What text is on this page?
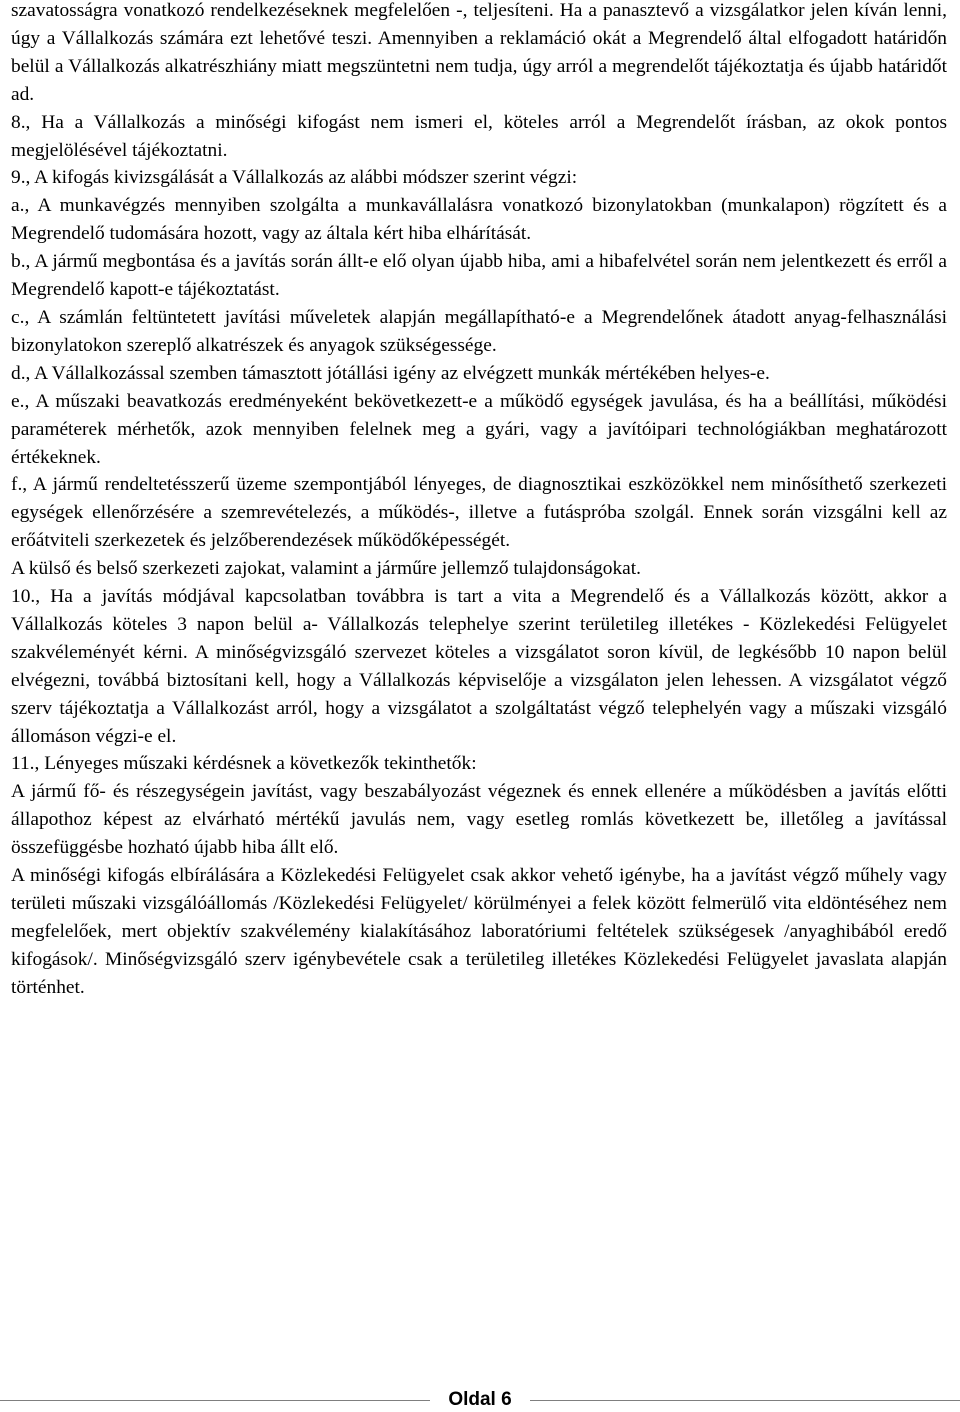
szavatosságra vonatkozó rendelkezéseknek megfelelően -, teljesíteni. Ha a panasztevő a vizsgálatkor jelen kíván lenni, úgy a Vállalkozás számára ezt lehetővé teszi. Amennyiben a reklamáció okát a Megrendelő által elfogadott határidőn belül a Vállalkozás alkatrészhiány miatt megszüntetni nem tudja, úgy arról a megrendelőt tájékoztatja és újabb határidőt ad.

8., Ha a Vállalkozás a minőségi kifogást nem ismeri el, köteles arról a Megrendelőt írásban, az okok pontos megjelölésével tájékoztatni.

9., A kifogás kivizsgálását a Vállalkozás az alábbi módszer szerint végzi:

a., A munkavégzés mennyiben szolgálta a munkavállalásra vonatkozó bizonylatokban (munkalapon) rögzített és a Megrendelő tudomására hozott, vagy az általa kért hiba elhárítását.

b., A jármű megbontása és a javítás során állt-e elő olyan újabb hiba, ami a hibafelvétel során nem jelentkezett és erről a Megrendelő kapott-e tájékoztatást.

c., A számlán feltüntetett javítási műveletek alapján megállapítható-e a Megrendelőnek átadott anyag-felhasználási bizonylatokon szereplő alkatrészek és anyagok szükségessége.

d., A Vállalkozással szemben támasztott jótállási igény az elvégzett munkák mértékében helyes-e.

e., A műszaki beavatkozás eredményeként bekövetkezett-e a működő egységek javulása, és ha a beállítási, működési paraméterek mérhetők, azok mennyiben felelnek meg a gyári, vagy a javítóipari technológiákban meghatározott értékeknek.

f., A jármű rendeltetésszerű üzeme szempontjából lényeges, de diagnosztikai eszközökkel nem minősíthető szerkezeti egységek ellenőrzésére a szemrevételezés, a működés-, illetve a futáspróba szolgál. Ennek során vizsgálni kell az erőátviteli szerkezetek és jelzőberendezések működőképességét.

A külső és belső szerkezeti zajokat, valamint a járműre jellemző tulajdonságokat.

10., Ha a javítás módjával kapcsolatban továbbra is tart a vita a Megrendelő és a Vállalkozás között, akkor a Vállalkozás köteles 3 napon belül a- Vállalkozás telephelye szerint területileg illetékes - Közlekedési Felügyelet szakvéleményét kérni. A minőségvizsgáló szervezet köteles a vizsgálatot soron kívül, de legkésőbb 10 napon belül elvégezni, továbbá biztosítani kell, hogy a Vállalkozás képviselője a vizsgálaton jelen lehessen. A vizsgálatot végző szerv tájékoztatja a Vállalkozást arról, hogy a vizsgálatot a szolgáltatást végző telephelyén vagy a műszaki vizsgáló állomáson végzi-e el.

11., Lényeges műszaki kérdésnek a következők tekinthetők:

A jármű fő- és részegységein javítást, vagy beszabályozást végeznek és ennek ellenére a működésben a javítás előtti állapothoz képest az elvárható mértékű javulás nem, vagy esetleg romlás következett be, illetőleg a javítással összefüggésbe hozható újabb hiba állt elő.

A minőségi kifogás elbírálására a Közlekedési Felügyelet csak akkor vehető igénybe, ha a javítást végző műhely vagy területi műszaki vizsgálóállomás /Közlekedési Felügyelet/ körülményei a felek között felmerülő vita eldöntéséhez nem megfelelőek, mert objektív szakvélemény kialakításához laboratóriumi feltételek szükségesek /anyaghibából eredő kifogások/. Minőségvizsgáló szerv igénybevétele csak a területileg illetékes Közlekedési Felügyelet javaslata alapján történhet.

Oldal 6
